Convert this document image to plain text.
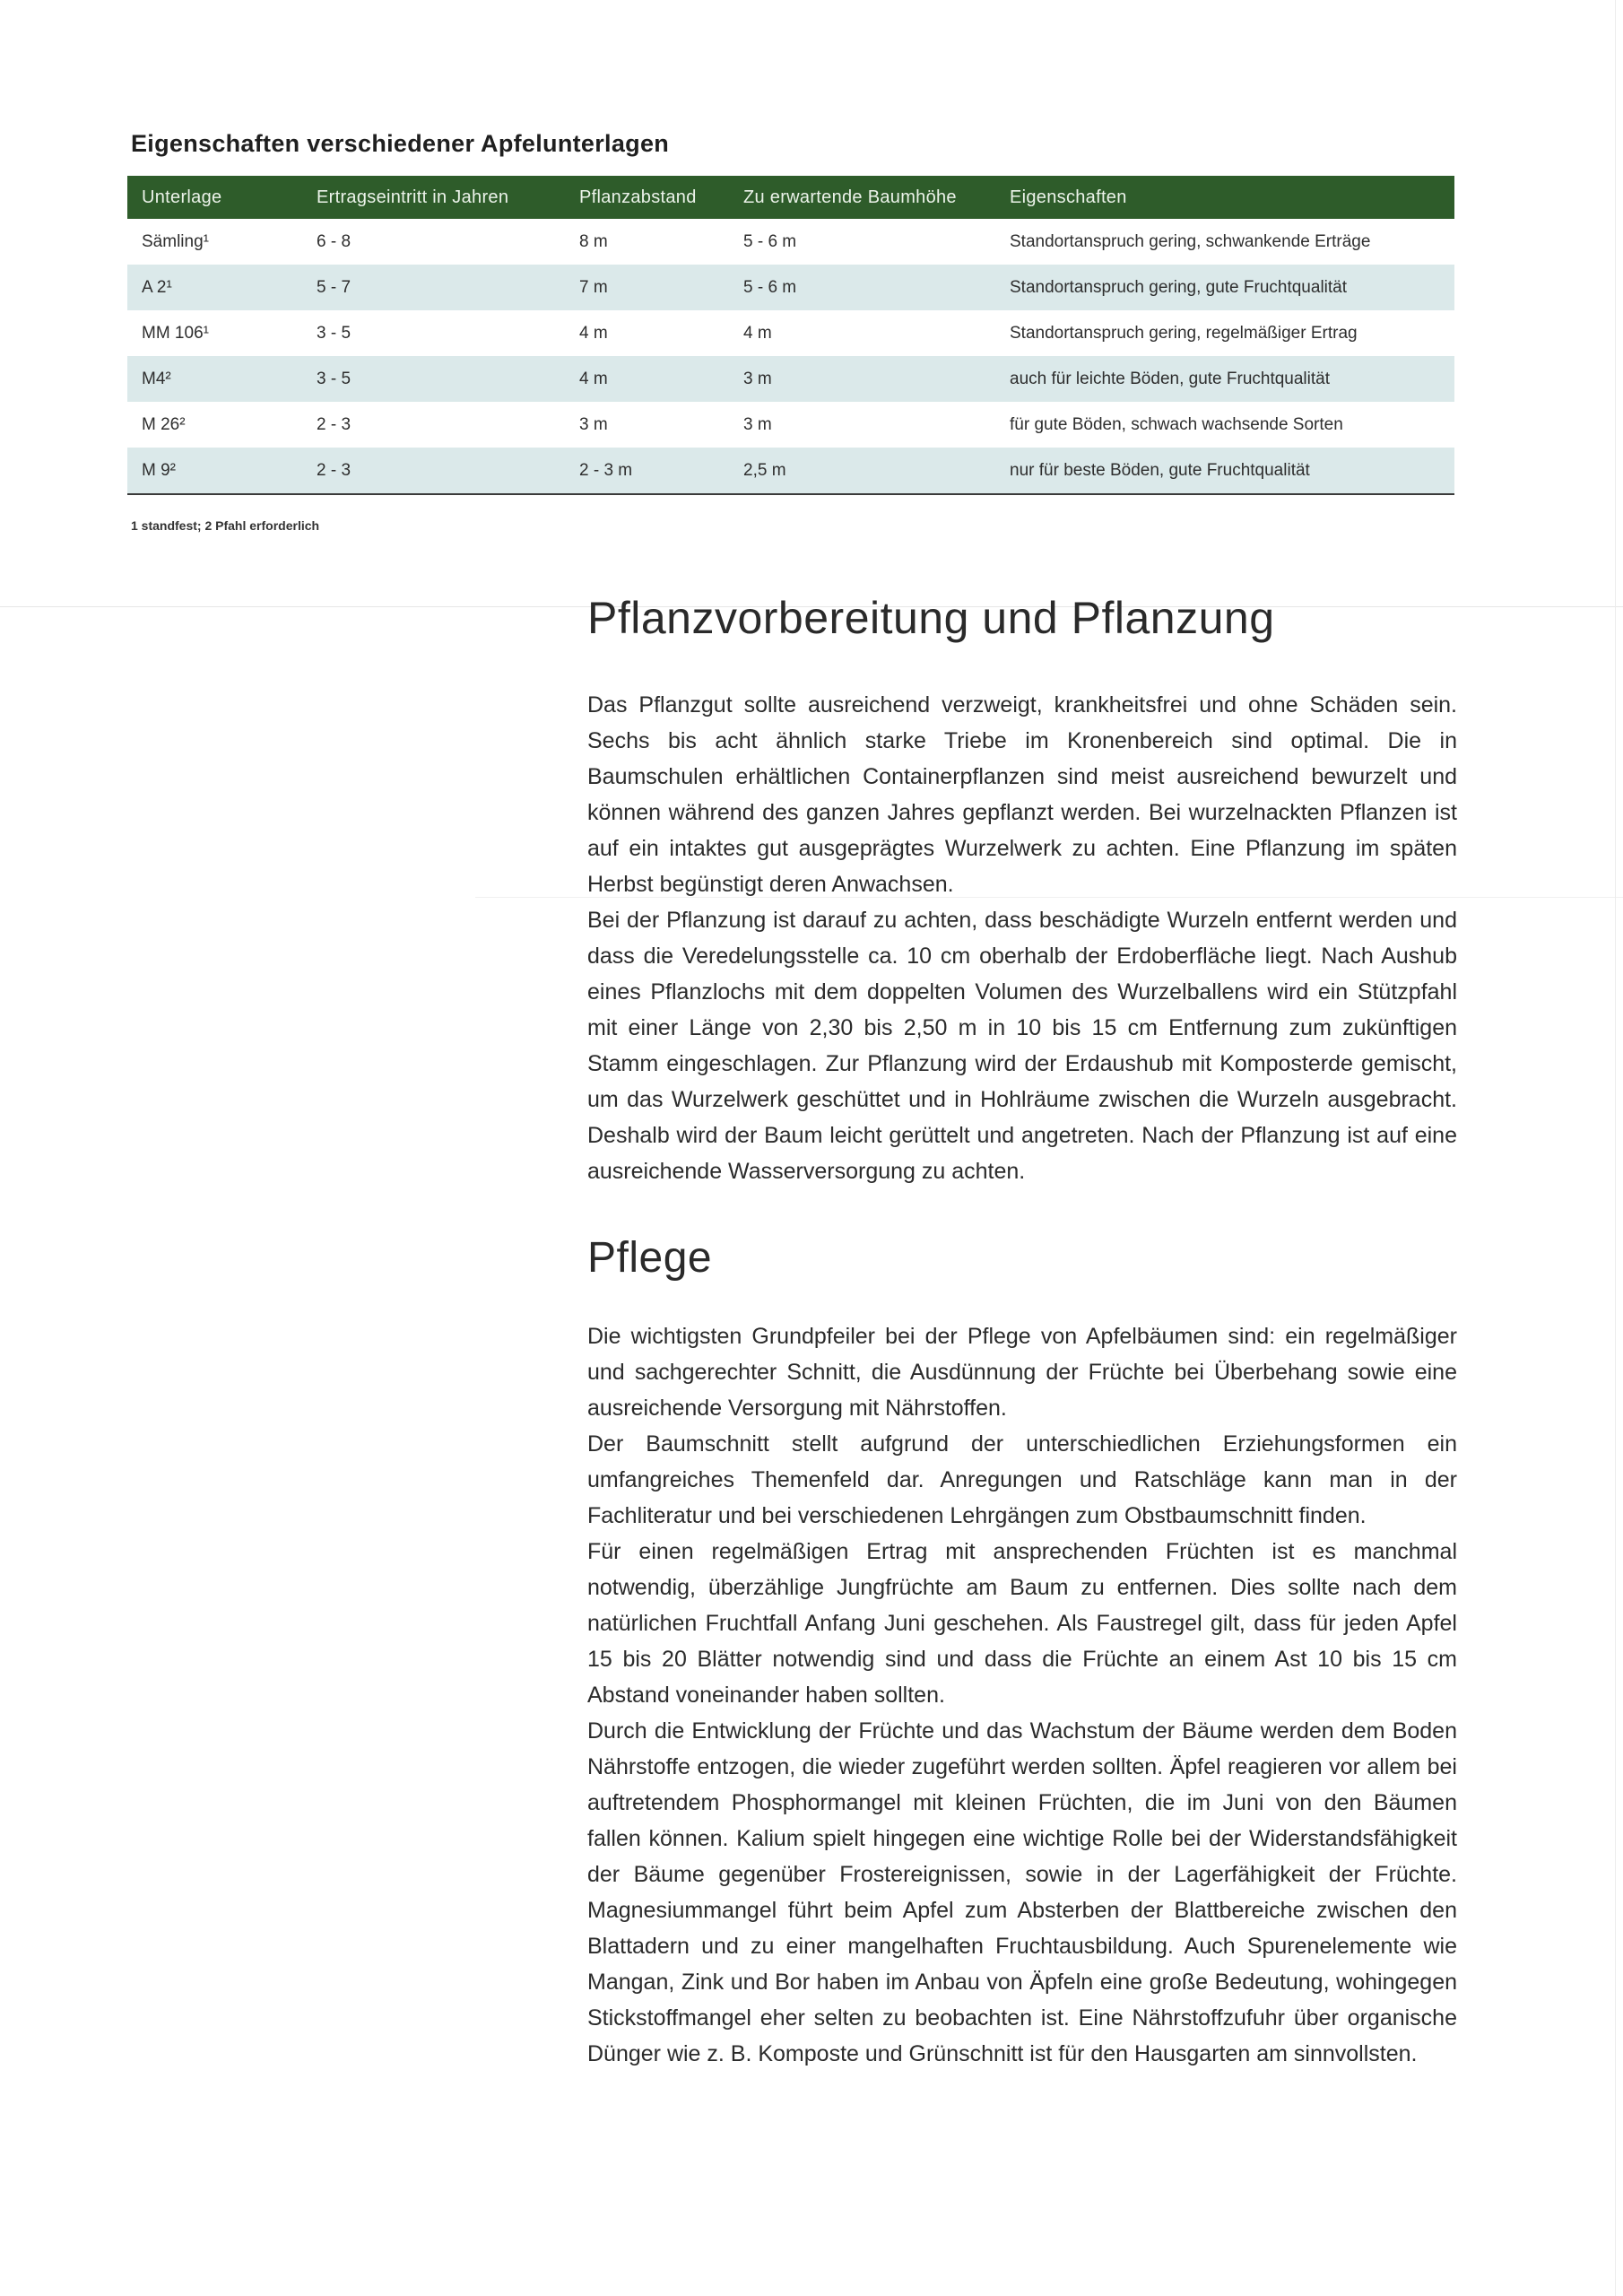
Eigenschaften verschiedener Apfelunterlagen
Unterlage	Ertragseintritt in Jahren	Pflanzabstand	Zu erwartende Baumhöhe	Eigenschaften
Sämling¹	6 - 8	8 m	5 - 6 m	Standortanspruch gering, schwankende Erträge
A 2¹	5 - 7	7 m	5 - 6 m	Standortanspruch gering, gute Fruchtqualität
MM 106¹	3 - 5	4 m	4 m	Standortanspruch gering, regelmäßiger Ertrag
M4²	3 - 5	4 m	3 m	auch für leichte Böden, gute Fruchtqualität
M 26²	2 - 3	3 m	3 m	für gute Böden, schwach wachsende Sorten
M 9²	2 - 3	2 - 3 m	2,5 m	nur für beste Böden, gute Fruchtqualität
1 standfest; 2 Pfahl erforderlich
Pflanzvorbereitung und Pflanzung

Das Pflanzgut sollte ausreichend verzweigt, krankheitsfrei und ohne Schäden sein. Sechs bis acht ähnlich starke Triebe im Kronenbereich sind optimal. Die in Baumschulen erhältlichen Containerpflanzen sind meist ausreichend bewurzelt und können während des ganzen Jahres gepflanzt werden. Bei wurzelnackten Pflanzen ist auf ein intaktes gut ausgeprägtes Wurzelwerk zu achten. Eine Pflanzung im späten Herbst begünstigt deren Anwachsen.

Bei der Pflanzung ist darauf zu achten, dass beschädigte Wurzeln entfernt werden und dass die Veredelungsstelle ca. 10 cm oberhalb der Erdoberfläche liegt. Nach Aushub eines Pflanzlochs mit dem doppelten Volumen des Wurzelballens wird ein Stützpfahl mit einer Länge von 2,30 bis 2,50 m in 10 bis 15 cm Entfernung zum zukünftigen Stamm eingeschlagen. Zur Pflanzung wird der Erdaushub mit Komposterde gemischt, um das Wurzelwerk geschüttet und in Hohlräume zwischen die Wurzeln ausgebracht. Deshalb wird der Baum leicht gerüttelt und angetreten. Nach der Pflanzung ist auf eine ausreichende Wasserversorgung zu achten.

Pflege

Die wichtigsten Grundpfeiler bei der Pflege von Apfelbäumen sind: ein regelmäßiger und sachgerechter Schnitt, die Ausdünnung der Früchte bei Überbehang sowie eine ausreichende Versorgung mit Nährstoffen.

Der Baumschnitt stellt aufgrund der unterschiedlichen Erziehungsformen ein umfangreiches Themenfeld dar. Anregungen und Ratschläge kann man in der Fachliteratur und bei verschiedenen Lehrgängen zum Obstbaumschnitt finden.

Für einen regelmäßigen Ertrag mit ansprechenden Früchten ist es manchmal notwendig, überzählige Jungfrüchte am Baum zu entfernen. Dies sollte nach dem natürlichen Fruchtfall Anfang Juni geschehen. Als Faustregel gilt, dass für jeden Apfel 15 bis 20 Blätter notwendig sind und dass die Früchte an einem Ast 10 bis 15 cm Abstand voneinander haben sollten.

Durch die Entwicklung der Früchte und das Wachstum der Bäume werden dem Boden Nährstoffe entzogen, die wieder zugeführt werden sollten. Äpfel reagieren vor allem bei auftretendem Phosphormangel mit kleinen Früchten, die im Juni von den Bäumen fallen können. Kalium spielt hingegen eine wichtige Rolle bei der Widerstandsfähigkeit der Bäume gegenüber Frostereignissen, sowie in der Lagerfähigkeit der Früchte. Magnesiummangel führt beim Apfel zum Absterben der Blattbereiche zwischen den Blattadern und zu einer mangelhaften Fruchtausbildung. Auch Spurenelemente wie Mangan, Zink und Bor haben im Anbau von Äpfeln eine große Bedeutung, wohingegen Stickstoffmangel eher selten zu beobachten ist. Eine Nährstoffzufuhr über organische Dünger wie z. B. Komposte und Grünschnitt ist für den Hausgarten am sinnvollsten.
